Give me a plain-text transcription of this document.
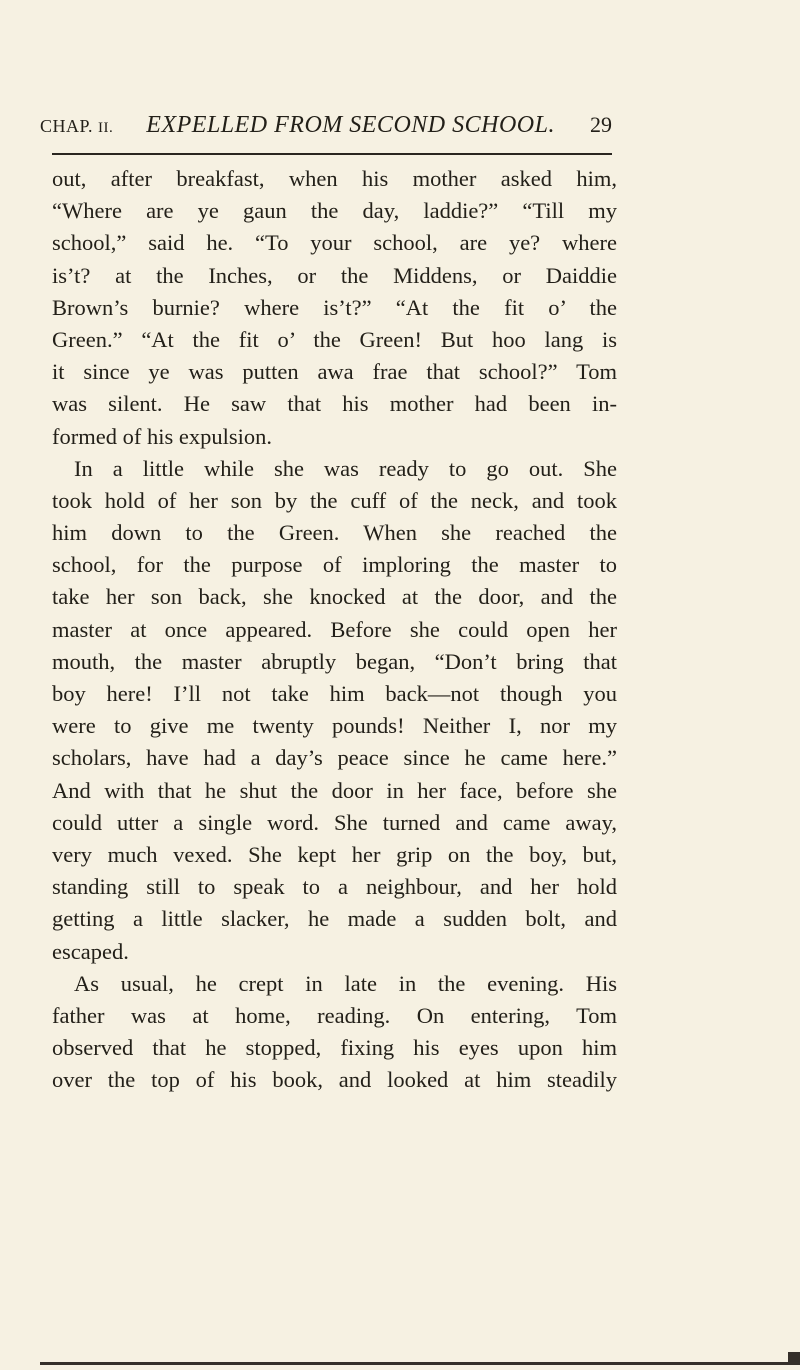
CHAP. II. EXPELLED FROM SECOND SCHOOL. 29
out, after breakfast, when his mother asked him,
“Where are ye gaun the day, laddie?” “Till my
school,” said he. “To your school, are ye? where
is’t? at the Inches, or the Middens, or Daiddie
Brown’s burnie? where is’t?” “At the fit o’ the
Green.” “At the fit o’ the Green! But hoo lang is
it since ye was putten awa frae that school?” Tom
was silent. He saw that his mother had been in-
formed of his expulsion.
In a little while she was ready to go out. She
took hold of her son by the cuff of the neck, and took
him down to the Green. When she reached the
school, for the purpose of imploring the master to
take her son back, she knocked at the door, and the
master at once appeared. Before she could open her
mouth, the master abruptly began, “Don’t bring that
boy here! I’ll not take him back—not though you
were to give me twenty pounds! Neither I, nor my
scholars, have had a day’s peace since he came here.”
And with that he shut the door in her face, before she
could utter a single word. She turned and came away,
very much vexed. She kept her grip on the boy, but,
standing still to speak to a neighbour, and her hold
getting a little slacker, he made a sudden bolt, and
escaped.
As usual, he crept in late in the evening. His
father was at home, reading. On entering, Tom
observed that he stopped, fixing his eyes upon him
over the top of his book, and looked at him steadily
